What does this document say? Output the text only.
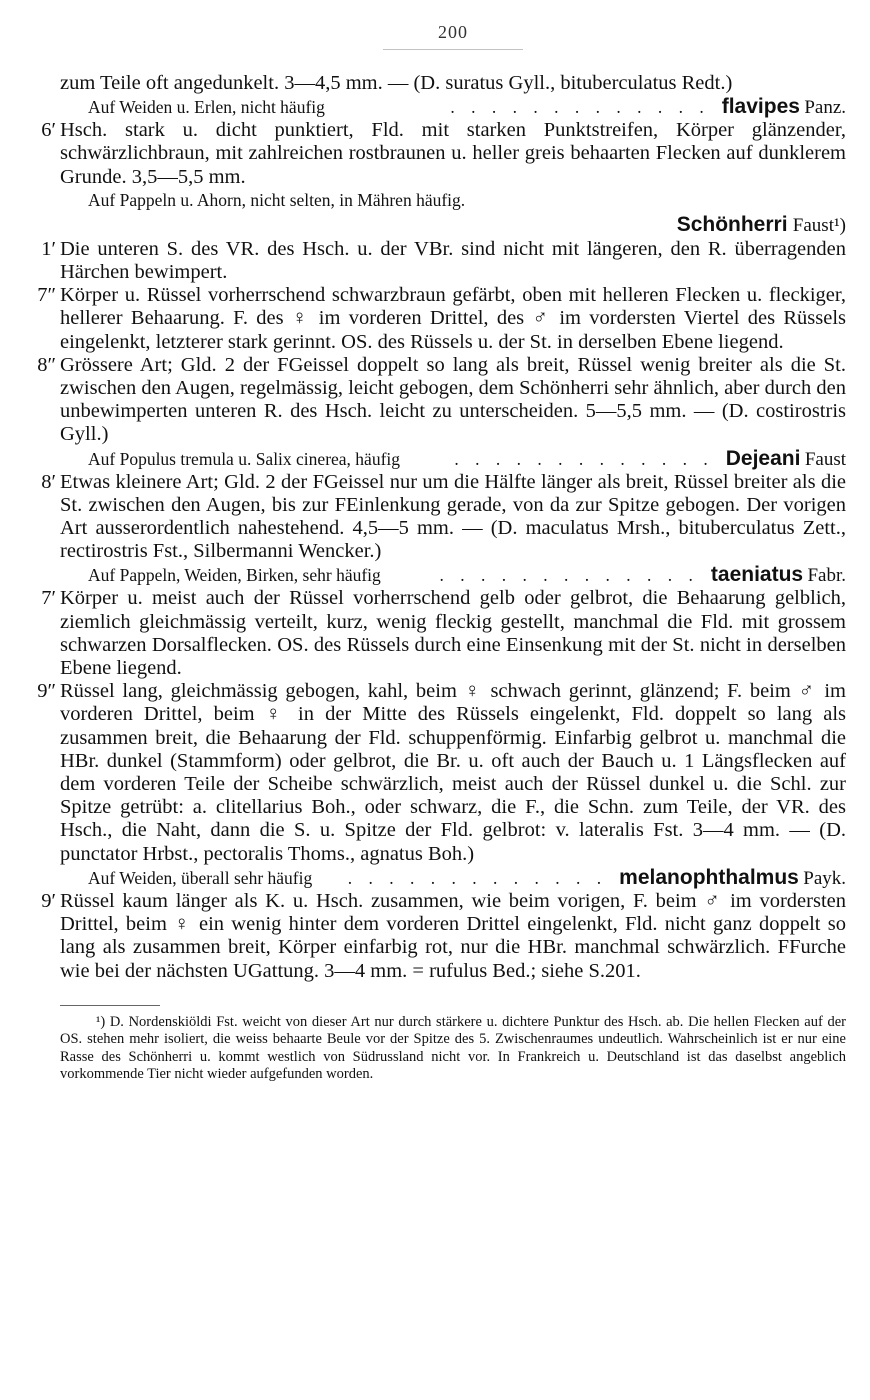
200

zum Teile oft angedunkelt. 3—4,5 mm. — (D. suratus Gyll., bituberculatus Redt.)

Auf Weiden u. Erlen, nicht häufig	. . . . . . . . . . . . . flavipes Panz.
6′ Hsch. stark u. dicht punktiert, Fld. mit starken Punktstreifen, Körper glänzender, schwärzlichbraun, mit zahlreichen rostbraunen u. heller greis behaarten Flecken auf dunklerem Grunde. 3,5—5,5 mm.

Auf Pappeln u. Ahorn, nicht selten, in Mähren häufig.

Schönherri Faust¹)

1′ Die unteren S. des VR. des Hsch. u. der VBr. sind nicht mit längeren, den R. überragenden Härchen bewimpert.

7″ Körper u. Rüssel vorherrschend schwarzbraun gefärbt, oben mit helleren Flecken u. fleckiger, hellerer Behaarung. F. des ♀ im vorderen Drittel, des ♂ im vordersten Viertel des Rüssels eingelenkt, letzterer stark gerinnt. OS. des Rüssels u. der St. in derselben Ebene liegend.

8″ Grössere Art; Gld. 2 der FGeissel doppelt so lang als breit, Rüssel wenig breiter als die St. zwischen den Augen, regelmässig, leicht gebogen, dem Schönherri sehr ähnlich, aber durch den unbewimperten unteren R. des Hsch. leicht zu unterscheiden. 5—5,5 mm. — (D. costirostris Gyll.)

Auf Populus tremula u. Salix cinerea, häufig	. . . . . . . . . . . . . Dejeani Faust
8′ Etwas kleinere Art; Gld. 2 der FGeissel nur um die Hälfte länger als breit, Rüssel breiter als die St. zwischen den Augen, bis zur FEinlenkung gerade, von da zur Spitze gebogen. Der vorigen Art ausserordentlich nahestehend. 4,5—5 mm. — (D. maculatus Mrsh., bituberculatus Zett., rectirostris Fst., Silbermanni Wencker.)

Auf Pappeln, Weiden, Birken, sehr häufig	. . . . . . . . . . . . . taeniatus Fabr.
7′ Körper u. meist auch der Rüssel vorherrschend gelb oder gelbrot, die Behaarung gelblich, ziemlich gleichmässig verteilt, kurz, wenig fleckig gestellt, manchmal die Fld. mit grossem schwarzen Dorsalflecken. OS. des Rüssels durch eine Einsenkung mit der St. nicht in derselben Ebene liegend.

9″ Rüssel lang, gleichmässig gebogen, kahl, beim ♀ schwach gerinnt, glänzend; F. beim ♂ im vorderen Drittel, beim ♀ in der Mitte des Rüssels eingelenkt, Fld. doppelt so lang als zusammen breit, die Behaarung der Fld. schuppenförmig. Einfarbig gelbrot u. manchmal die HBr. dunkel (Stammform) oder gelbrot, die Br. u. oft auch der Bauch u. 1 Längsflecken auf dem vorderen Teile der Scheibe schwärzlich, meist auch der Rüssel dunkel u. die Schl. zur Spitze getrübt: a. clitellarius Boh., oder schwarz, die F., die Schn. zum Teile, der VR. des Hsch., die Naht, dann die S. u. Spitze der Fld. gelbrot: v. lateralis Fst. 3—4 mm. — (D. punctator Hrbst., pectoralis Thoms., agnatus Boh.)

Auf Weiden, überall sehr häufig	. . . . . . . . . . . . . melanophthalmus Payk.
9′ Rüssel kaum länger als K. u. Hsch. zusammen, wie beim vorigen, F. beim ♂ im vordersten Drittel, beim ♀ ein wenig hinter dem vorderen Drittel eingelenkt, Fld. nicht ganz doppelt so lang als zusammen breit, Körper einfarbig rot, nur die HBr. manchmal schwärzlich. FFurche wie bei der nächsten UGattung. 3—4 mm. = rufulus Bed.; siehe S.201.

¹) D. Nordenskiöldi Fst. weicht von dieser Art nur durch stärkere u. dichtere Punktur des Hsch. ab. Die hellen Flecken auf der OS. stehen mehr isoliert, die weiss behaarte Beule vor der Spitze des 5. Zwischenraumes undeutlich. Wahrscheinlich ist er nur eine Rasse des Schönherri u. kommt westlich von Südrussland nicht vor. In Frankreich u. Deutschland ist das daselbst angeblich vorkommende Tier nicht wieder aufgefunden worden.
